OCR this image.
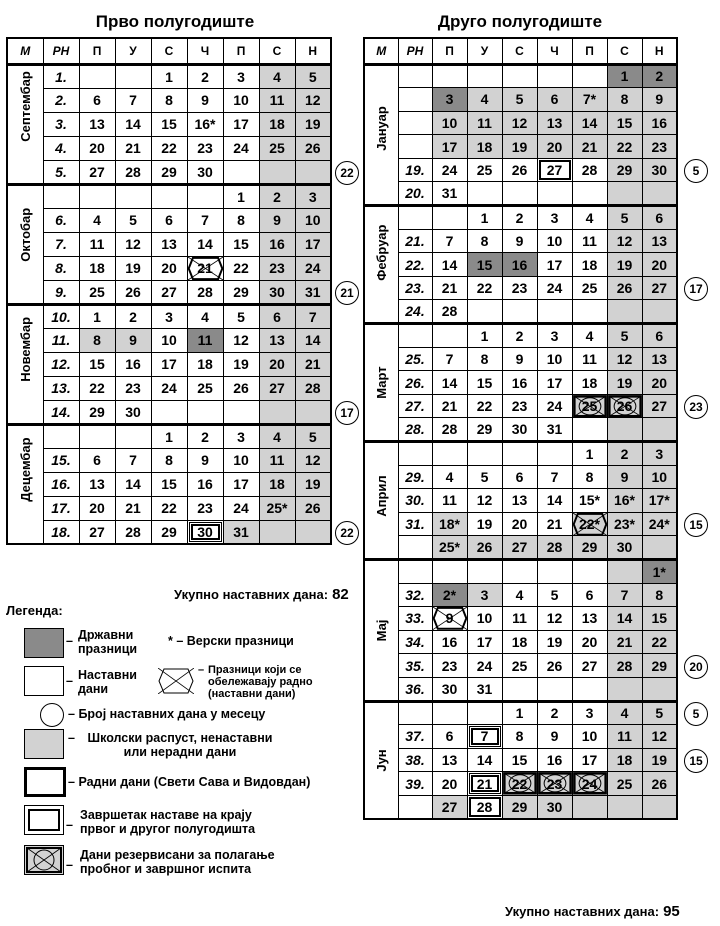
Прво полугодиште	Друго полугодиште
М	РН	П	У	С	Ч	П	С	Н

Септембар	1.			1	2	3	4	5
	2.	6	7	8	9	10	11	12
	3.	13	14	15	16*	17	18	19
	4.	20	21	22	23	24	25	26
	5.	27	28	29	30			

Октобар						1	2	3
	6.	4	5	6	7	8	9	10
	7.	11	12	13	14	15	16	17
	8.	18	19	20	21	22	23	24
	9.	25	26	27	28	29	30	31

Новембар	10.	1	2	3	4	5	6	7
	11.	8	9	10	11	12	13	14
	12.	15	16	17	18	19	20	21
	13.	22	23	24	25	26	27	28
	14.	29	30					

Децембар				1	2	3	4	5
	15.	6	7	8	9	10	11	12
	16.	13	14	15	16	17	18	19
	17.	20	21	22	23	24	25*	26
	18.	27	28	29	30	31		
М	РН	П	У	С	Ч	П	С	Н

Јануар							1	2
		3	4	5	6	7*	8	9
		10	11	12	13	14	15	16
		17	18	19	20	21	22	23
	19.	24	25	26	27	28	29	30
	20.	31						

Фебруар			1	2	3	4	5	6
	21.	7	8	9	10	11	12	13
	22.	14	15	16	17	18	19	20
	23.	21	22	23	24	25	26	27
	24.	28						

Март			1	2	3	4	5	6
	25.	7	8	9	10	11	12	13
	26.	14	15	16	17	18	19	20
	27.	21	22	23	24	25	26	27
	28.	28	29	30	31			

Април						1	2	3
	29.	4	5	6	7	8	9	10
	30.	11	12	13	14	15*	16*	17*
	31.	18*	19	20	21	22*	23*	24*
		25*	26	27	28	29	30	

Мај								1*
	32.	2*	3	4	5	6	7	8
	33.	9	10	11	12	13	14	15
	34.	16	17	18	19	20	21	22
	35.	23	24	25	26	27	28	29
	36.	30	31					

Јун				1	2	3	4	5
	37.	6	7	8	9	10	11	12
	38.	13	14	15	16	17	18	19
	39.	20	21	22	23	24	25	26
		27	28	29	30			
22
21
17
22
5
17
23
15
20
5
15
Укупно наставних дана: 82
Укупно наставних дана: 95
Легенда:
– Државни
празници
* – Верски празници
– Наставни
дани
– Празници који се
обележавају радно
(наставни дани)
– Број наставних дана у месецу
–	Школски распуст, ненаставни
или нерадни дани
– Радни дани (Свети Сава и Видовдан)
–
Завршетак наставе на крају
првог и другог полугодишта
–
Дани резервисани за полагање
пробног и завршног испита
